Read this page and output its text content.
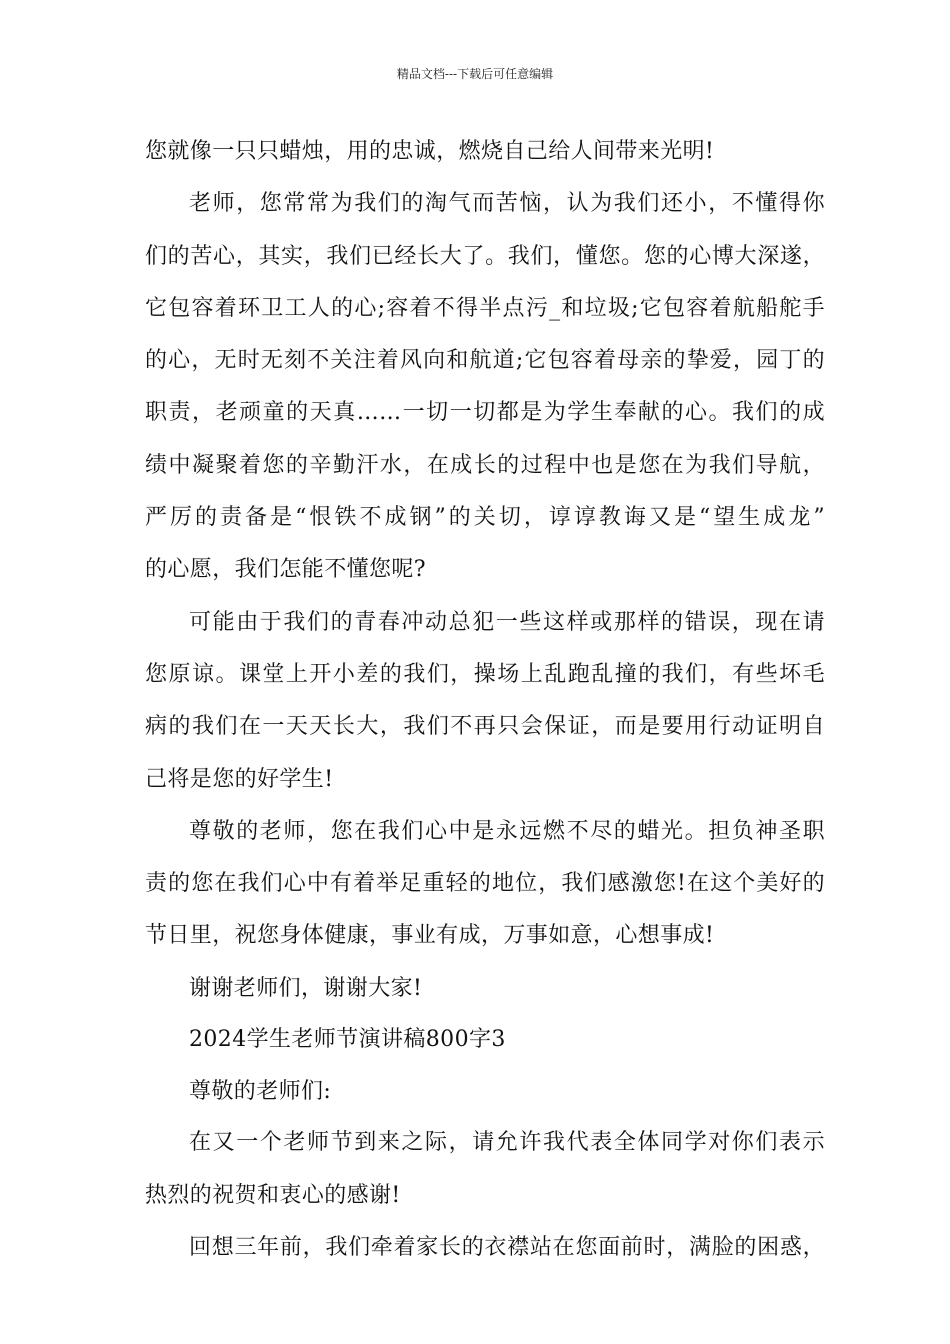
精品文档---下载后可任意编辑
您就像一只只蜡烛，用的忠诚，燃烧自己给人间带来光明!
老师，您常常为我们的淘气而苦恼，认为我们还小，不懂得你
们的苦心，其实，我们已经长大了。我们，懂您。您的心博大深遂，
它包容着环卫工人的心;容着不得半点污_和垃圾;它包容着航船舵手
的心，无时无刻不关注着风向和航道;它包容着母亲的挚爱，园丁的
职责，老顽童的天真……一切一切都是为学生奉献的心。我们的成
绩中凝聚着您的辛勤汗水，在成长的过程中也是您在为我们导航，
严厉的责备是“恨铁不成钢”的关切，谆谆教诲又是“望生成龙”
的心愿，我们怎能不懂您呢?
可能由于我们的青春冲动总犯一些这样或那样的错误，现在请
您原谅。课堂上开小差的我们，操场上乱跑乱撞的我们，有些坏毛
病的我们在一天天长大，我们不再只会保证，而是要用行动证明自
己将是您的好学生!
尊敬的老师，您在我们心中是永远燃不尽的蜡光。担负神圣职
责的您在我们心中有着举足重轻的地位，我们感激您!在这个美好的
节日里，祝您身体健康，事业有成，万事如意，心想事成!
谢谢老师们，谢谢大家!
2024学生老师节演讲稿800字3
尊敬的老师们:
在又一个老师节到来之际，请允许我代表全体同学对你们表示
热烈的祝贺和衷心的感谢!
回想三年前，我们牵着家长的衣襟站在您面前时，满脸的困惑，
